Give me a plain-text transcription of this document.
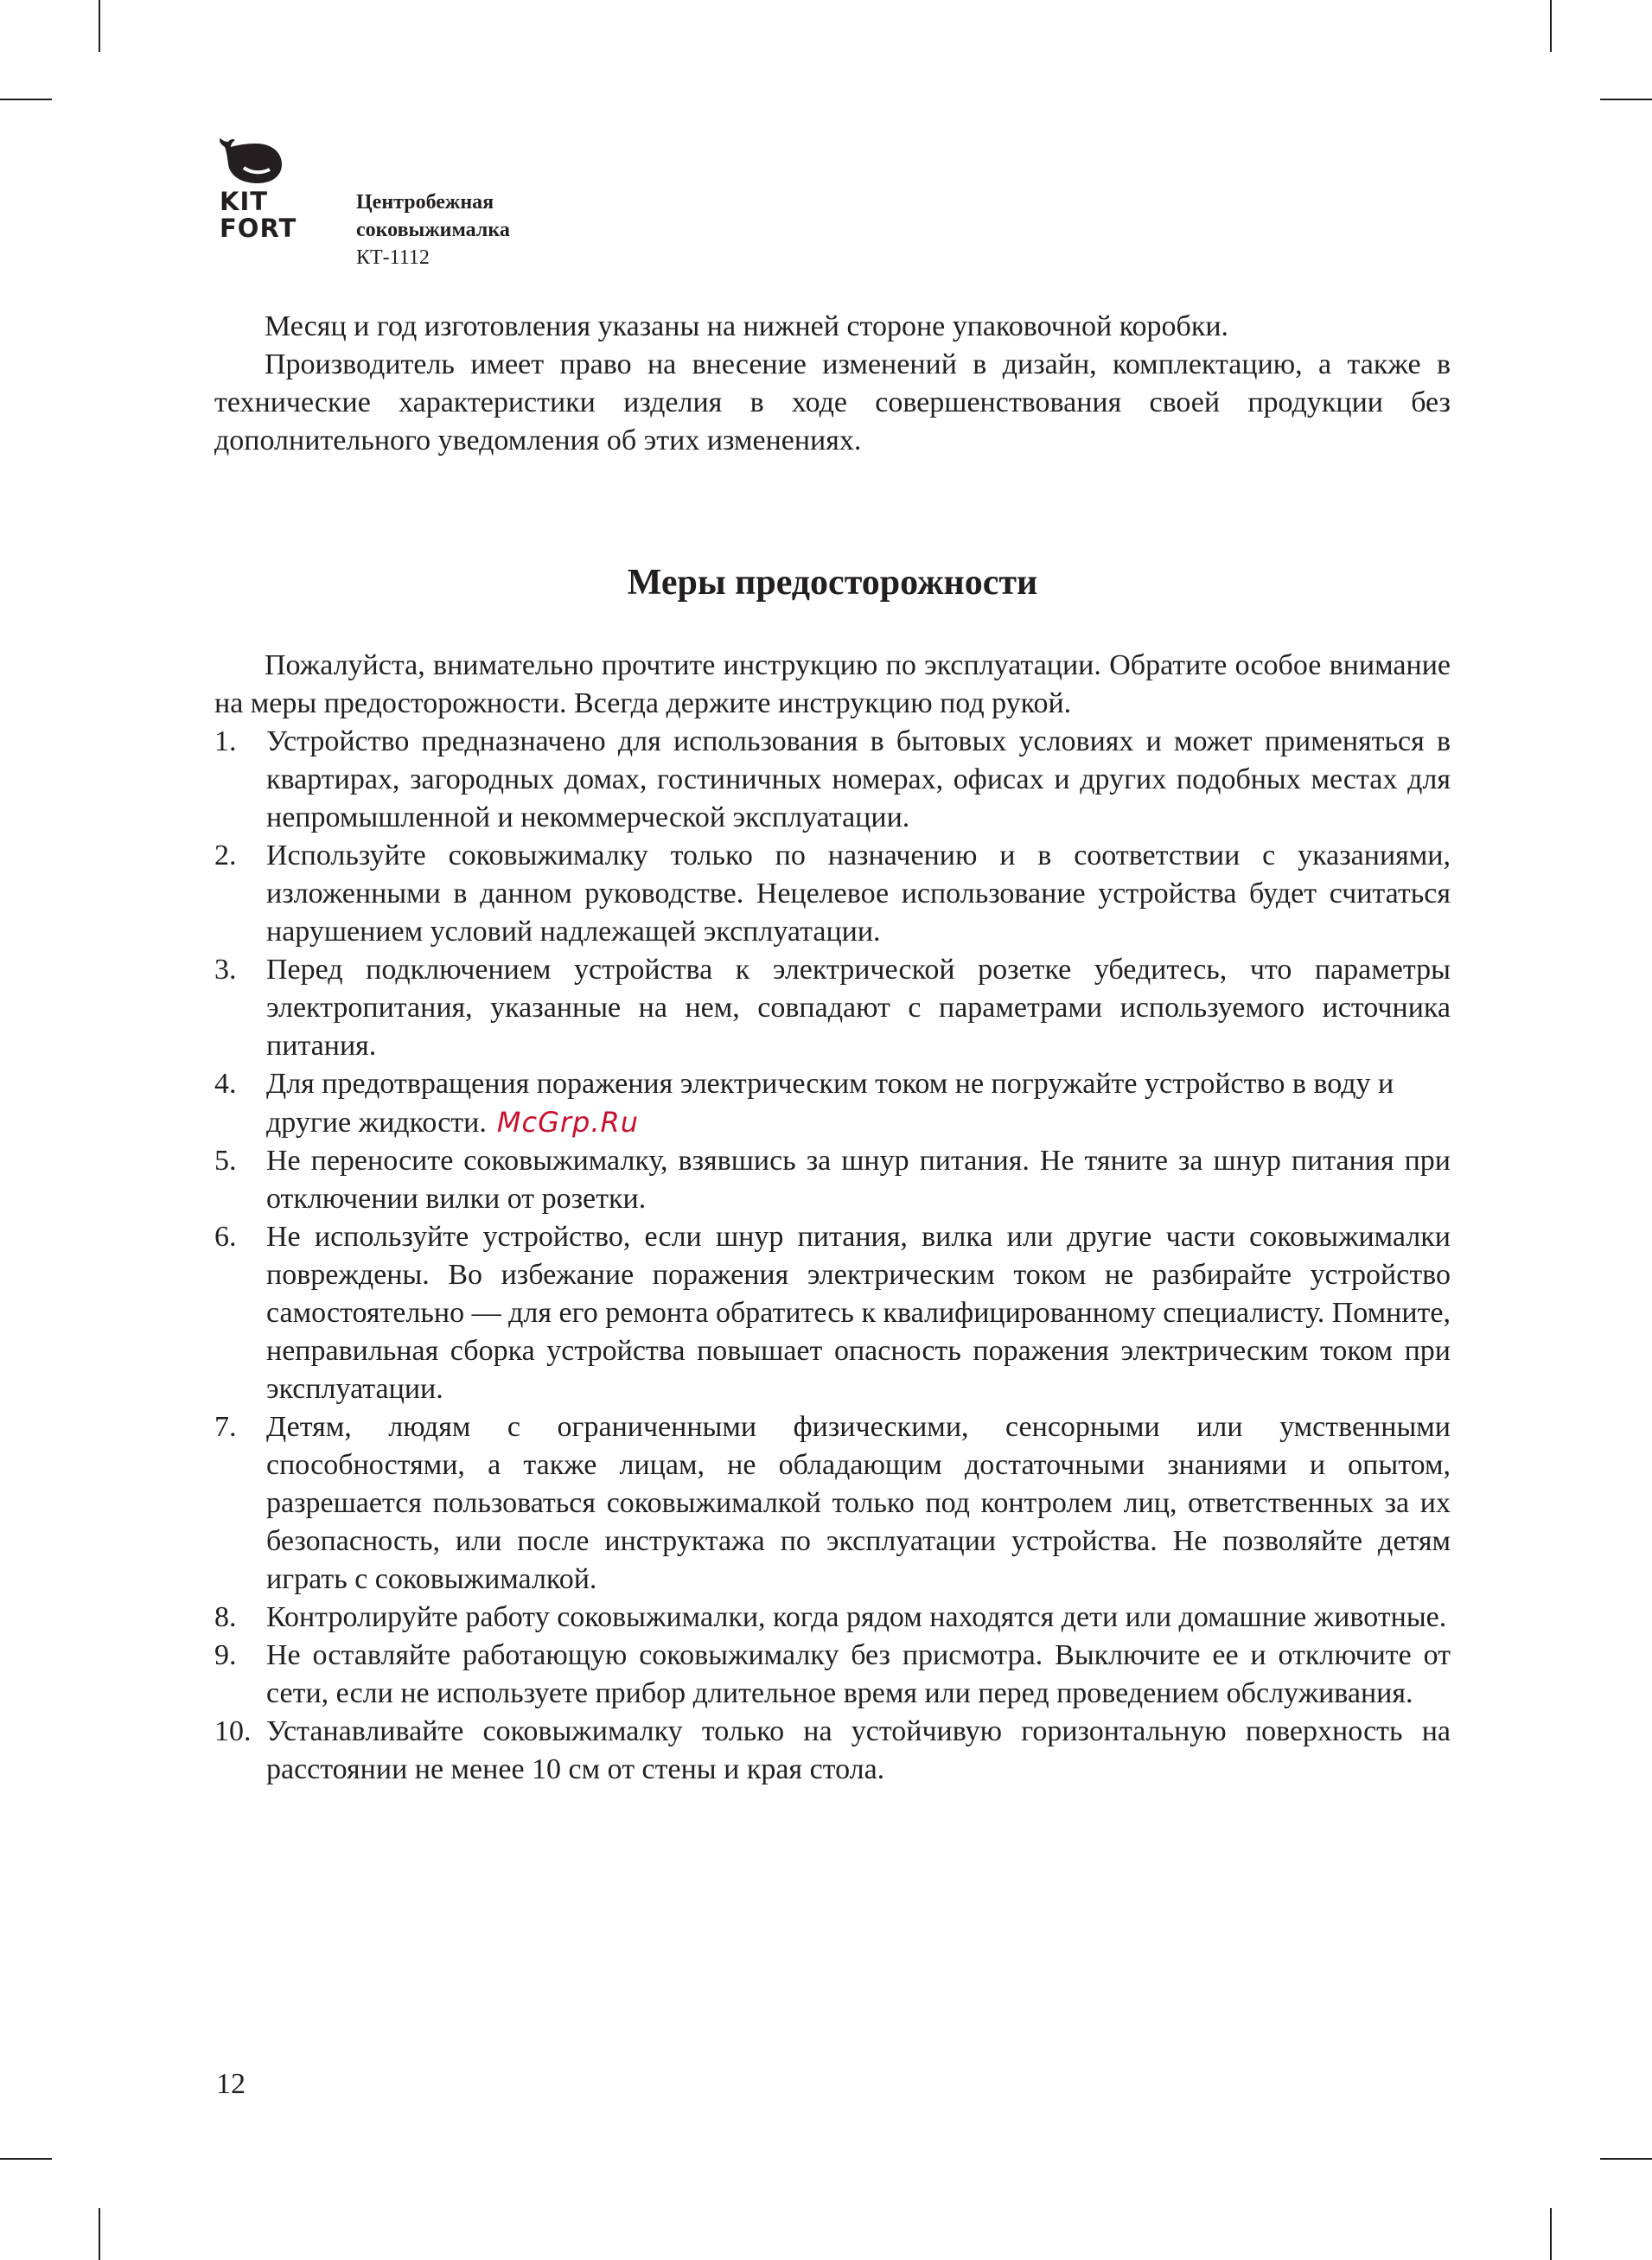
KIT
FORT
Центробежная
соковыжималка
КТ-1112

Месяц и год изготовления указаны на нижней стороне упаковочной коробки.

Производитель имеет право на внесение изменений в дизайн, комплектацию, а также в технические характеристики изделия в ходе совершенствования своей продукции без дополнительного уведомления об этих изменениях.

Меры предосторожности

Пожалуйста, внимательно прочтите инструкцию по эксплуатации. Обратите особое внимание на меры предосторожности. Всегда держите инструкцию под рукой.

1. Устройство предназначено для использования в бытовых условиях и может применяться в квартирах, загородных домах, гостиничных номерах, офисах и других подобных местах для непромышленной и некоммерческой эксплуатации.
2. Используйте соковыжималку только по назначению и в соответствии с указаниями, изложенными в данном руководстве. Нецелевое использование устройства будет считаться нарушением условий надлежащей эксплуатации.
3. Перед подключением устройства к электрической розетке убедитесь, что параметры электропитания, указанные на нем, совпадают с параметрами используемого источника питания.
4. Для предотвращения поражения электрическим током не погружайте устройство в воду и другие жидкости. McGrp.Ru
5. Не переносите соковыжималку, взявшись за шнур питания. Не тяните за шнур питания при отключении вилки от розетки.
6. Не используйте устройство, если шнур питания, вилка или другие части соковыжималки повреждены. Во избежание поражения электрическим током не разбирайте устройство самостоятельно — для его ремонта обратитесь к квалифицированному специалисту. Помните, неправильная сборка устройства повышает опасность поражения электрическим током при эксплуатации.
7. Детям, людям с ограниченными физическими, сенсорными или умственными способностями, а также лицам, не обладающим достаточными знаниями и опытом, разрешается пользоваться соковыжималкой только под контролем лиц, ответственных за их безопасность, или после инструктажа по эксплуатации устройства. Не позволяйте детям играть с соковыжималкой.
8. Контролируйте работу соковыжималки, когда рядом находятся дети или домашние животные.
9. Не оставляйте работающую соковыжималку без присмотра. Выключите ее и отключите от сети, если не используете прибор длительное время или перед проведением обслуживания.
10. Устанавливайте соковыжималку только на устойчивую горизонтальную поверхность на расстоянии не менее 10 см от стены и края стола.
12
